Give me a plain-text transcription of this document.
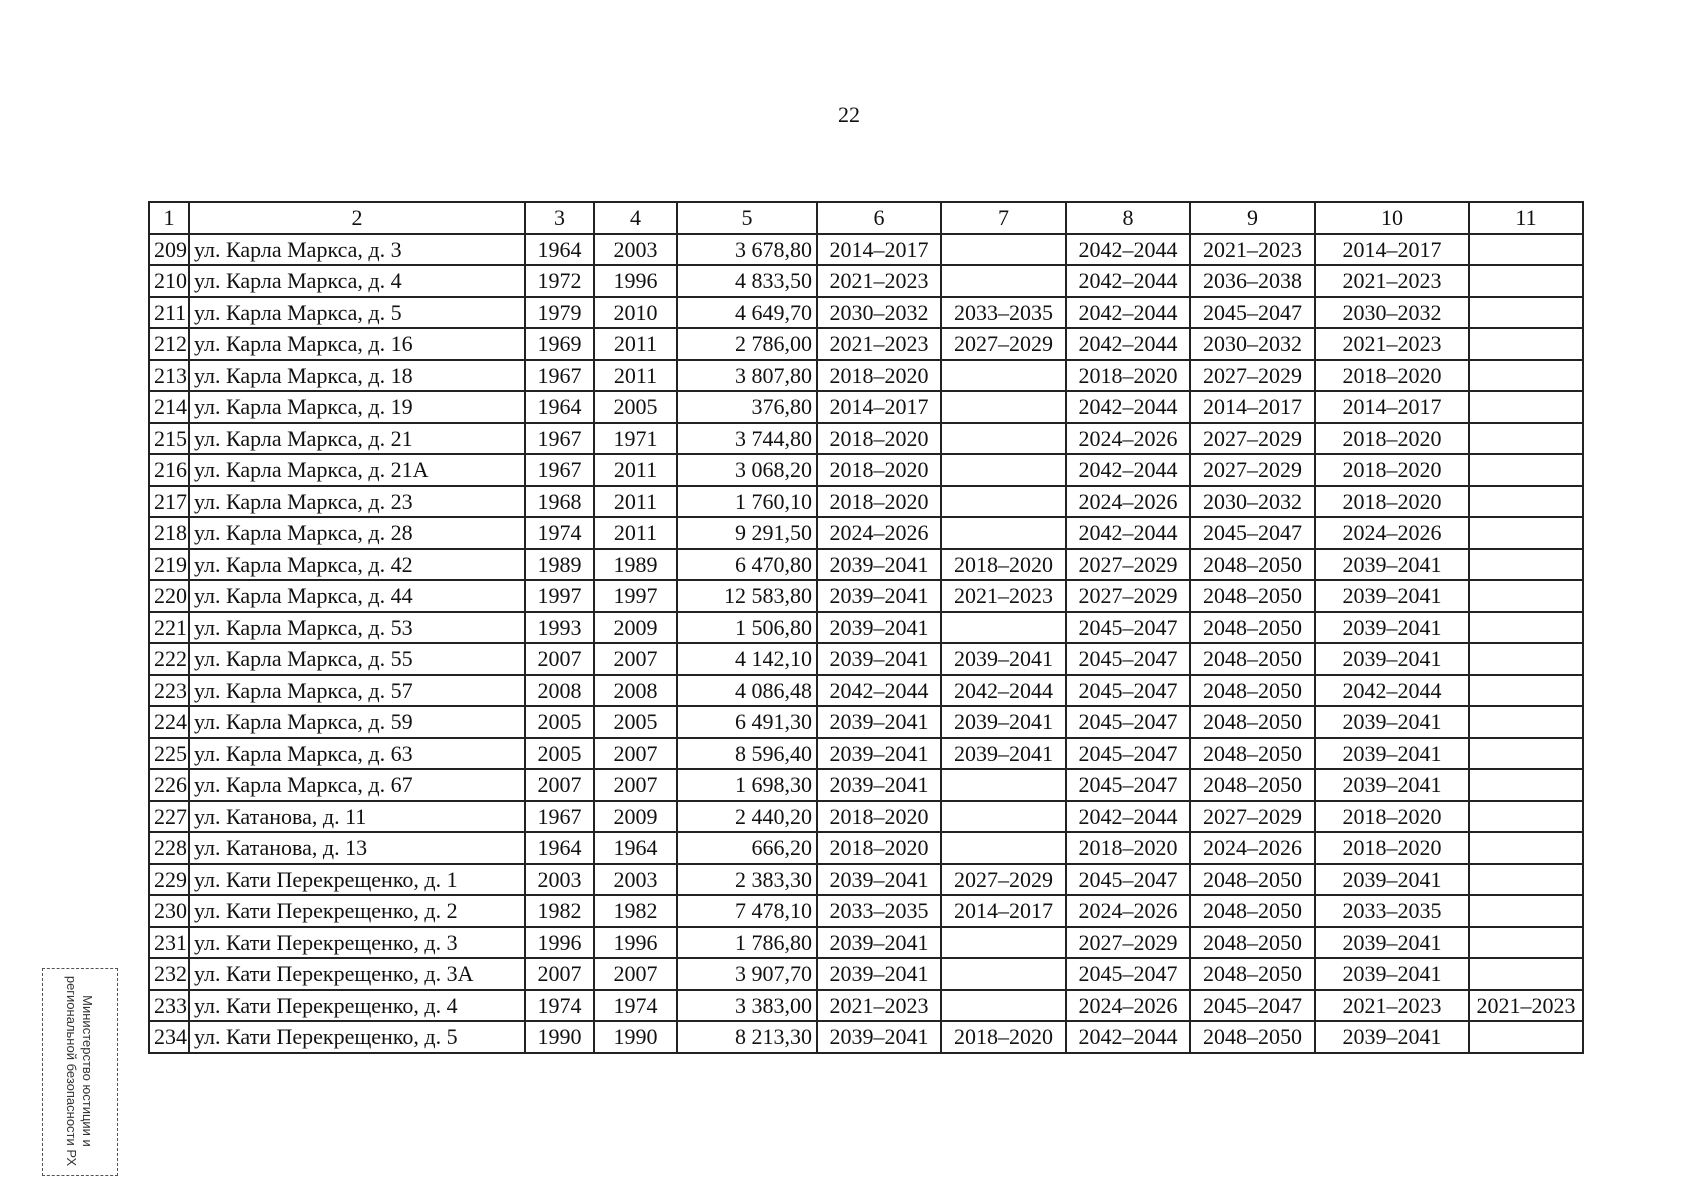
22
1	2	3	4	5	6	7	8	9	10	11
209	ул. Карла Маркса, д. 3	1964	2003	3 678,80	2014–2017		2042–2044	2021–2023	2014–2017	
210	ул. Карла Маркса, д. 4	1972	1996	4 833,50	2021–2023		2042–2044	2036–2038	2021–2023	
211	ул. Карла Маркса, д. 5	1979	2010	4 649,70	2030–2032	2033–2035	2042–2044	2045–2047	2030–2032	
212	ул. Карла Маркса, д. 16	1969	2011	2 786,00	2021–2023	2027–2029	2042–2044	2030–2032	2021–2023	
213	ул. Карла Маркса, д. 18	1967	2011	3 807,80	2018–2020		2018–2020	2027–2029	2018–2020	
214	ул. Карла Маркса, д. 19	1964	2005	376,80	2014–2017		2042–2044	2014–2017	2014–2017	
215	ул. Карла Маркса, д. 21	1967	1971	3 744,80	2018–2020		2024–2026	2027–2029	2018–2020	
216	ул. Карла Маркса, д. 21А	1967	2011	3 068,20	2018–2020		2042–2044	2027–2029	2018–2020	
217	ул. Карла Маркса, д. 23	1968	2011	1 760,10	2018–2020		2024–2026	2030–2032	2018–2020	
218	ул. Карла Маркса, д. 28	1974	2011	9 291,50	2024–2026		2042–2044	2045–2047	2024–2026	
219	ул. Карла Маркса, д. 42	1989	1989	6 470,80	2039–2041	2018–2020	2027–2029	2048–2050	2039–2041	
220	ул. Карла Маркса, д. 44	1997	1997	12 583,80	2039–2041	2021–2023	2027–2029	2048–2050	2039–2041	
221	ул. Карла Маркса, д. 53	1993	2009	1 506,80	2039–2041		2045–2047	2048–2050	2039–2041	
222	ул. Карла Маркса, д. 55	2007	2007	4 142,10	2039–2041	2039–2041	2045–2047	2048–2050	2039–2041	
223	ул. Карла Маркса, д. 57	2008	2008	4 086,48	2042–2044	2042–2044	2045–2047	2048–2050	2042–2044	
224	ул. Карла Маркса, д. 59	2005	2005	6 491,30	2039–2041	2039–2041	2045–2047	2048–2050	2039–2041	
225	ул. Карла Маркса, д. 63	2005	2007	8 596,40	2039–2041	2039–2041	2045–2047	2048–2050	2039–2041	
226	ул. Карла Маркса, д. 67	2007	2007	1 698,30	2039–2041		2045–2047	2048–2050	2039–2041	
227	ул. Катанова, д. 11	1967	2009	2 440,20	2018–2020		2042–2044	2027–2029	2018–2020	
228	ул. Катанова, д. 13	1964	1964	666,20	2018–2020		2018–2020	2024–2026	2018–2020	
229	ул. Кати Перекрещенко, д. 1	2003	2003	2 383,30	2039–2041	2027–2029	2045–2047	2048–2050	2039–2041	
230	ул. Кати Перекрещенко, д. 2	1982	1982	7 478,10	2033–2035	2014–2017	2024–2026	2048–2050	2033–2035	
231	ул. Кати Перекрещенко, д. 3	1996	1996	1 786,80	2039–2041		2027–2029	2048–2050	2039–2041	
232	ул. Кати Перекрещенко, д. 3А	2007	2007	3 907,70	2039–2041		2045–2047	2048–2050	2039–2041	
233	ул. Кати Перекрещенко, д. 4	1974	1974	3 383,00	2021–2023		2024–2026	2045–2047	2021–2023	2021–2023
234	ул. Кати Перекрещенко, д. 5	1990	1990	8 213,30	2039–2041	2018–2020	2042–2044	2048–2050	2039–2041	
Министерство юстиции и региональной безопасности РХ
